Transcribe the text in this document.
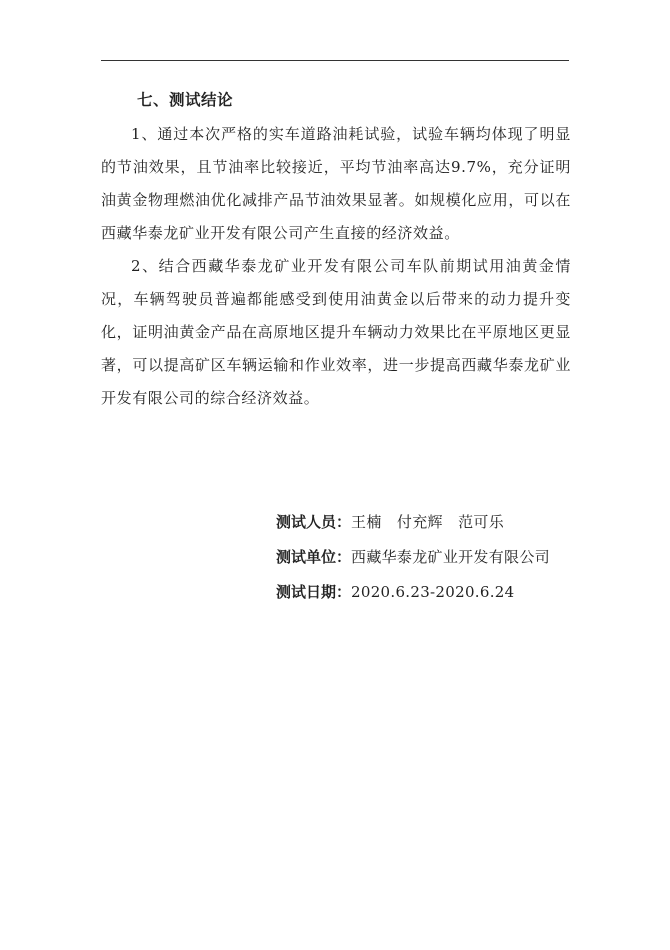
七、测试结论

1、通过本次严格的实车道路油耗试验，试验车辆均体现了明显的节油效果，且节油率比较接近，平均节油率高达9.7%，充分证明油黄金物理燃油优化减排产品节油效果显著。如规模化应用，可以在西藏华泰龙矿业开发有限公司产生直接的经济效益。

2、结合西藏华泰龙矿业开发有限公司车队前期试用油黄金情况，车辆驾驶员普遍都能感受到使用油黄金以后带来的动力提升变化，证明油黄金产品在高原地区提升车辆动力效果比在平原地区更显著，可以提高矿区车辆运输和作业效率，进一步提高西藏华泰龙矿业开发有限公司的综合经济效益。

测试人员：王楠　付充辉　范可乐
测试单位：西藏华泰龙矿业开发有限公司
测试日期：2020.6.23-2020.6.24
